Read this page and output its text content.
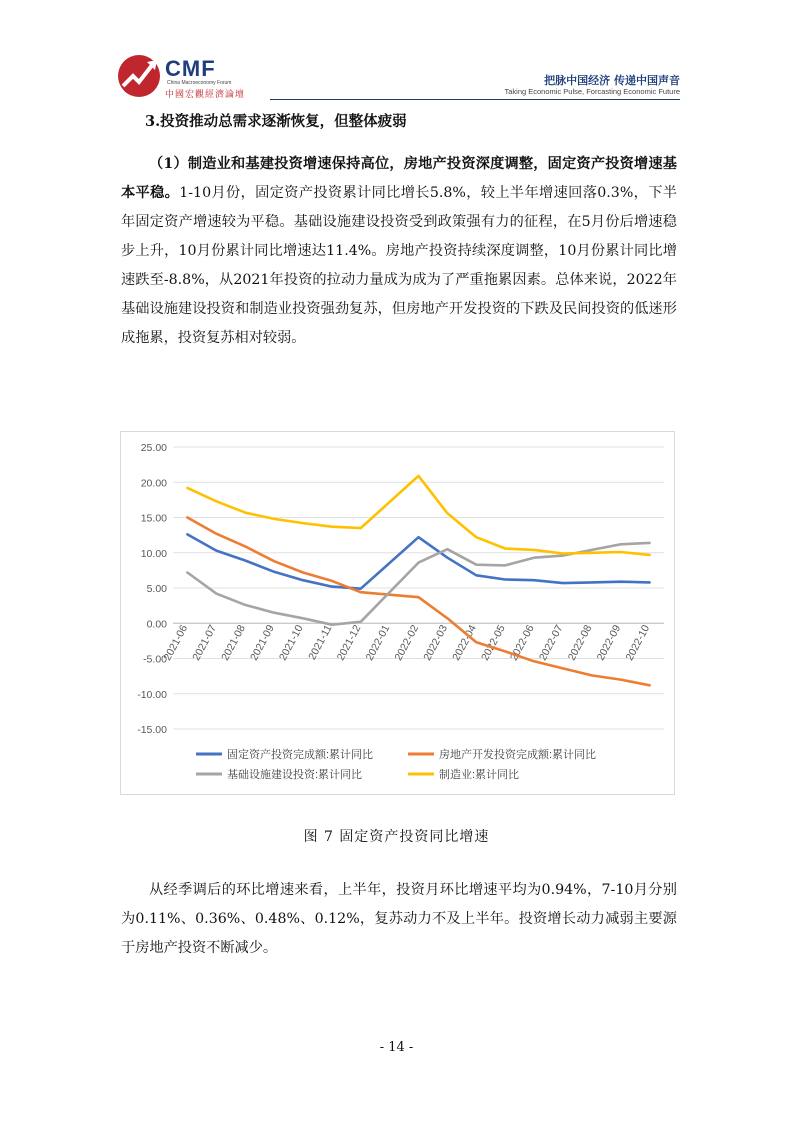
CMF
China Macroeconomy Forum
中國宏觀經濟論壇
把脉中国经济 传递中国声音
Taking Economic Pulse, Forcasting Economic Future
3.投资推动总需求逐渐恢复，但整体疲弱
（1）制造业和基建投资增速保持高位，房地产投资深度调整，固定资产投资增速基本平稳。1-10月份，固定资产投资累计同比增长5.8%，较上半年增速回落0.3%，下半年固定资产增速较为平稳。基础设施建设投资受到政策强有力的征程，在5月份后增速稳步上升，10月份累计同比增速达11.4%。房地产投资持续深度调整，10月份累计同比增速跌至-8.8%，从2021年投资的拉动力量成为成为了严重拖累因素。总体来说，2022年基础设施建设投资和制造业投资强劲复苏，但房地产开发投资的下跌及民间投资的低迷形成拖累，投资复苏相对较弱。
25.00
20.00
15.00
10.00
5.00
0.00
-5.00
-10.00
-15.00
2021-06 2021-07 2021-08 2021-09 2021-10 2021-11 2021-12 2022-01 2022-02 2022-03 2022-04 2022-05 2022-06 2022-07 2022-08 2022-09 2022-10
固定资产投资完成额:累计同比	房地产开发投资完成额:累计同比
基础设施建设投资:累计同比	制造业:累计同比
图 7 固定资产投资同比增速
从经季调后的环比增速来看，上半年，投资月环比增速平均为0.94%，7-10月分别为0.11%、0.36%、0.48%、0.12%，复苏动力不及上半年。投资增长动力减弱主要源于房地产投资不断减少。
- 14 -
